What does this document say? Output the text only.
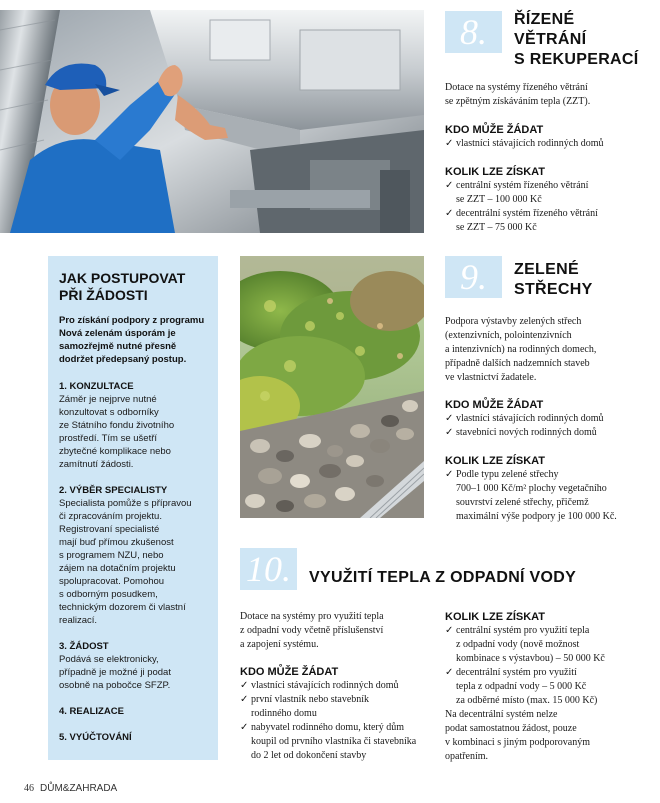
8. ŘÍZENÉ
VĚTRÁNÍ
S REKUPERACÍ
Dotace na systémy řízeného větrání
se zpětným získáváním tepla (ZZT).
KDO MŮŽE ŽÁDAT
✓ vlastníci stávajících rodinných domů
KOLIK LZE ZÍSKAT
✓ centrální systém řízeného větrání
se ZZT – 100 000 Kč
✓ decentrální systém řízeného větrání
se ZZT – 75 000 Kč
JAK POSTUPOVAT
PŘI ŽÁDOSTI
Pro získání podpory z programu
Nová zelenám úsporám je
samozřejmě nutné přesně
dodržet předepsaný postup.
1. KONZULTACE
Záměr je nejprve nutné
konzultovat s odborníky
ze Státního fondu životního
prostředí. Tím se ušetří
zbytečné komplikace nebo
zamítnutí žádosti.
2. VÝBĚR SPECIALISTY
Specialista pomůže s přípravou
či zpracováním projektu.
Registrovaní specialisté
mají buď přímou zkušenost
s programem NZU, nebo
zájem na dotačním projektu
spolupracovat. Pomohou
s odborným posudkem,
technickým dozorem či vlastní
realizací.
3. ŽÁDOST
Podává se elektronicky,
případně je možné ji podat
osobně na pobočce SFZP.
4. REALIZACE
5. VYÚČTOVÁNÍ
9. ZELENÉ
STŘECHY
Podpora výstavby zelených střech
(extenzivních, polointenzivních
a intenzivních) na rodinných domech,
případně dalších nadzemních staveb
ve vlastnictví žadatele.
KDO MŮŽE ŽÁDAT
✓ vlastníci stávajících rodinných domů
✓ stavebníci nových rodinných domů
KOLIK LZE ZÍSKAT
✓ Podle typu zelené střechy
700–1 000 Kč/m² plochy vegetačního
souvrství zelené střechy, přičemž
maximální výše podpory je 100 000 Kč.
10. VYUŽITÍ TEPLA Z ODPADNÍ VODY
Dotace na systémy pro využití tepla
z odpadní vody včetně příslušenství
a zapojení systému.
KDO MŮŽE ŽÁDAT
✓ vlastníci stávajících rodinných domů
✓ první vlastník nebo stavebník
rodinného domu
✓ nabyvatel rodinného domu, který dům
koupil od prvního vlastníka či stavebníka
do 2 let od dokončení stavby
KOLIK LZE ZÍSKAT
✓ centrální systém pro využití tepla
z odpadní vody (nově možnost
kombinace s výstavbou) – 50 000 Kč
✓ decentrální systém pro využití
tepla z odpadní vody – 5 000 Kč
za odběrné místo (max. 15 000 Kč)
Na decentrální systém nelze
podat samostatnou žádost, pouze
v kombinaci s jiným podporovaným
opatřením.
46 DŮM&ZAHRADA
